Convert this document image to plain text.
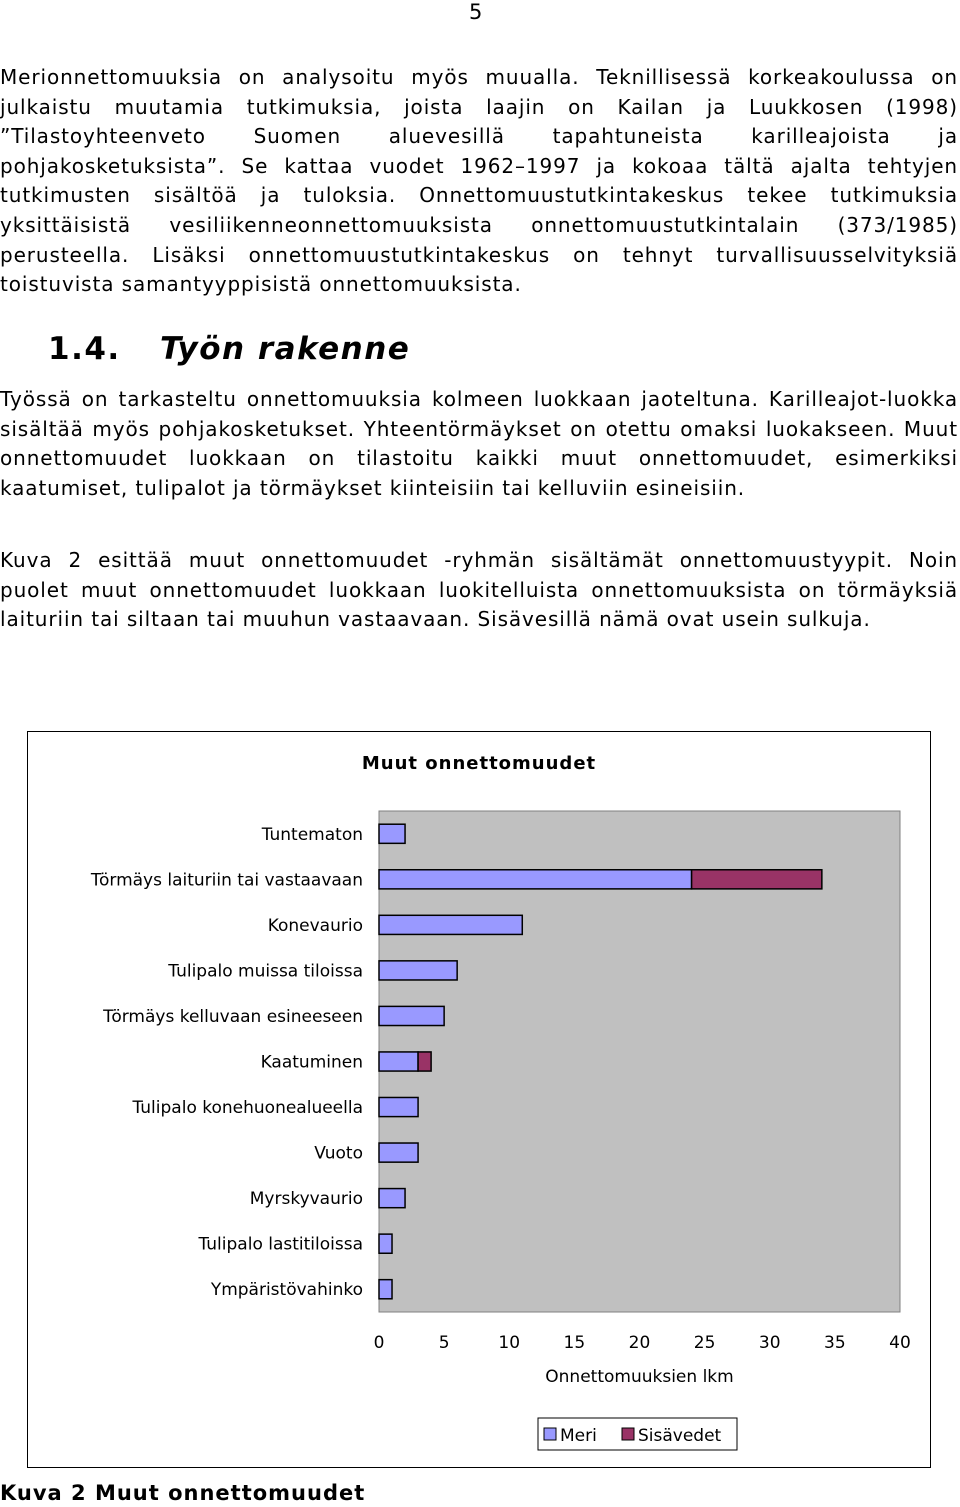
5

Merionnettomuuksia on analysoitu myös muualla. Teknillisessä korkeakoulussa on julkaistu muutamia tutkimuksia, joista laajin on Kailan ja Luukkosen (1998) ”Tilastoyhteenveto Suomen aluevesillä tapahtuneista karilleajoista ja pohjakosketuksista”. Se kattaa vuodet 1962–1997 ja kokoaa tältä ajalta tehtyjen tutkimusten sisältöä ja tuloksia. Onnettomuustutkintakeskus tekee tutkimuksia yksittäisistä vesiliikenneonnettomuuksista onnettomuustutkintalain (373/1985) perusteella. Lisäksi onnettomuustutkintakeskus on tehnyt turvallisuusselvityksiä toistuvista samantyyppisistä onnettomuuksista.

1.4. Työn rakenne

Työssä on tarkasteltu onnettomuuksia kolmeen luokkaan jaoteltuna. Karilleajot-luokka sisältää myös pohjakosketukset. Yhteentörmäykset on otettu omaksi luokakseen. Muut onnettomuudet luokkaan on tilastoitu kaikki muut onnettomuudet, esimerkiksi kaatumiset, tulipalot ja törmäykset kiinteisiin tai kelluviin esineisiin.

Kuva 2 esittää muut onnettomuudet -ryhmän sisältämät onnettomuustyypit. Noin puolet muut onnettomuudet luokkaan luokitelluista onnettomuuksista on törmäyksiä laituriin tai siltaan tai muuhun vastaavaan. Sisävesillä nämä ovat usein sulkuja.

Muut onnettomuudet
Tuntematon
Törmäys laituriin tai vastaavaan
Konevaurio
Tulipalo muissa tiloissa
Törmäys kelluvaan esineeseen
Kaatuminen
Tulipalo konehuonealueella
Vuoto
Myrskyvaurio
Tulipalo lastitiloissa
Ympäristövahinko
0	5	10	15	20	25	30	35	40
Onnettomuuksien lkm
Meri Sisävedet

Kuva 2 Muut onnettomuudet
